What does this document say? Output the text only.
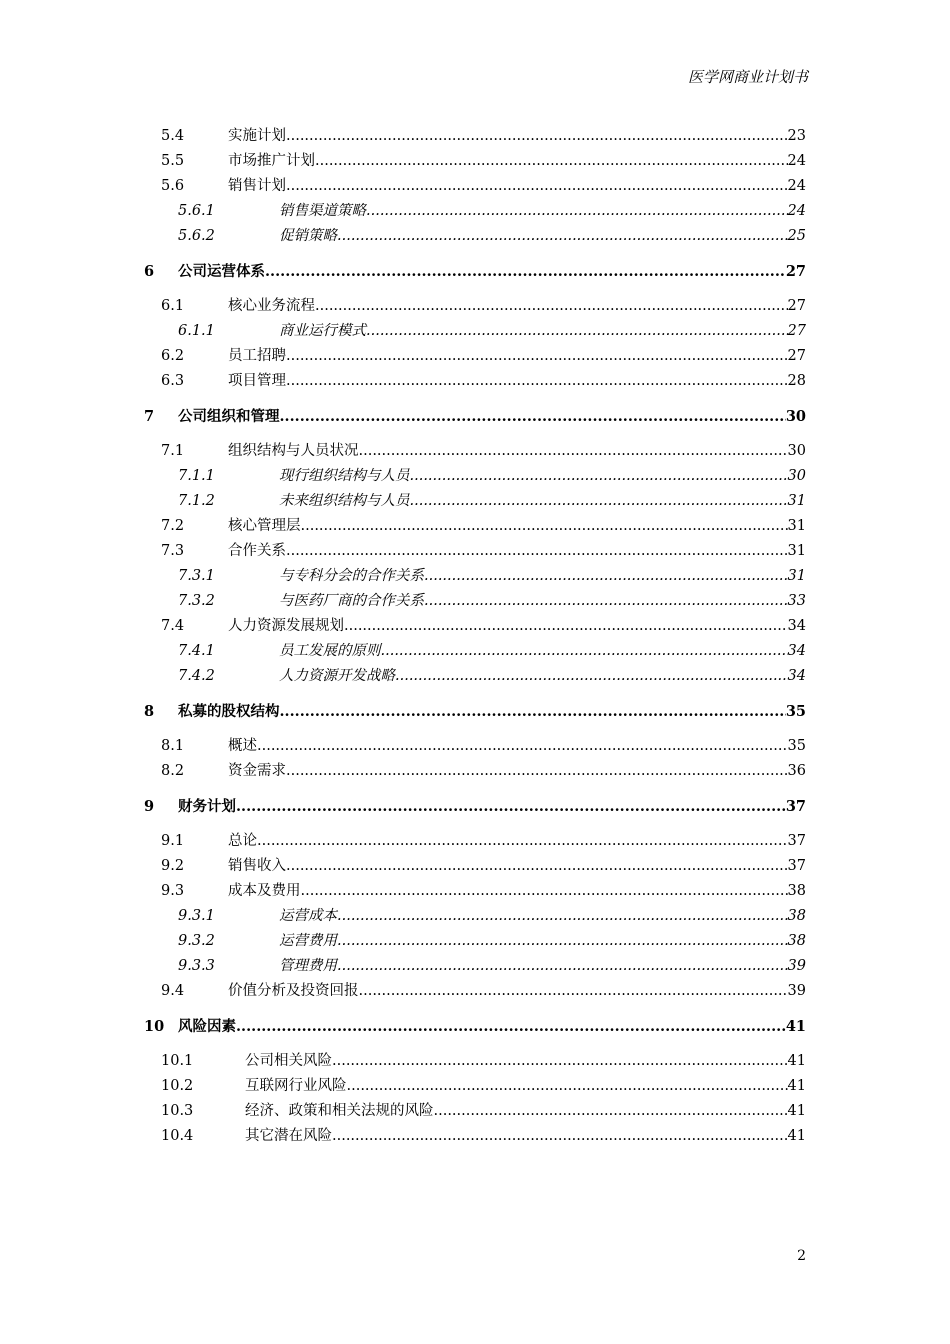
医学网商业计划书
5.4	实施计划 .....	23
5.5	市场推广计划 .....	24
5.6	销售计划 .....	24
5.6.1	销售渠道策略 .....	24
5.6.2	促销策略 .....	25
6 公司运营体系 .....	27
6.1	核心业务流程 .....	27
6.1.1	商业运行模式 .....	27
6.2	员工招聘 .....	27
6.3	项目管理 .....	28
7 公司组织和管理 .....	30
7.1	组织结构与人员状况 .....	30
7.1.1	现行组织结构与人员 .....	30
7.1.2	未来组织结构与人员 .....	31
7.2	核心管理层 .....	31
7.3	合作关系 .....	31
7.3.1	与专科分会的合作关系 .....	31
7.3.2	与医药厂商的合作关系 .....	33
7.4	人力资源发展规划 .....	34
7.4.1	员工发展的原则 .....	34
7.4.2	人力资源开发战略 .....	34
8 私募的股权结构 .....	35
8.1	概述 .....	35
8.2	资金需求 .....	36
9 财务计划 .....	37
9.1	总论 .....	37
9.2	销售收入 .....	37
9.3	成本及费用 .....	38
9.3.1	运营成本 .....	38
9.3.2	运营费用 .....	38
9.3.3	管理费用 .....	39
9.4	价值分析及投资回报 .....	39
10 风险因素 .....	41
10.1	公司相关风险 .....	41
10.2	互联网行业风险 .....	41
10.3	经济、政策和相关法规的风险 .....	41
10.4	其它潜在风险 .....	41
2
